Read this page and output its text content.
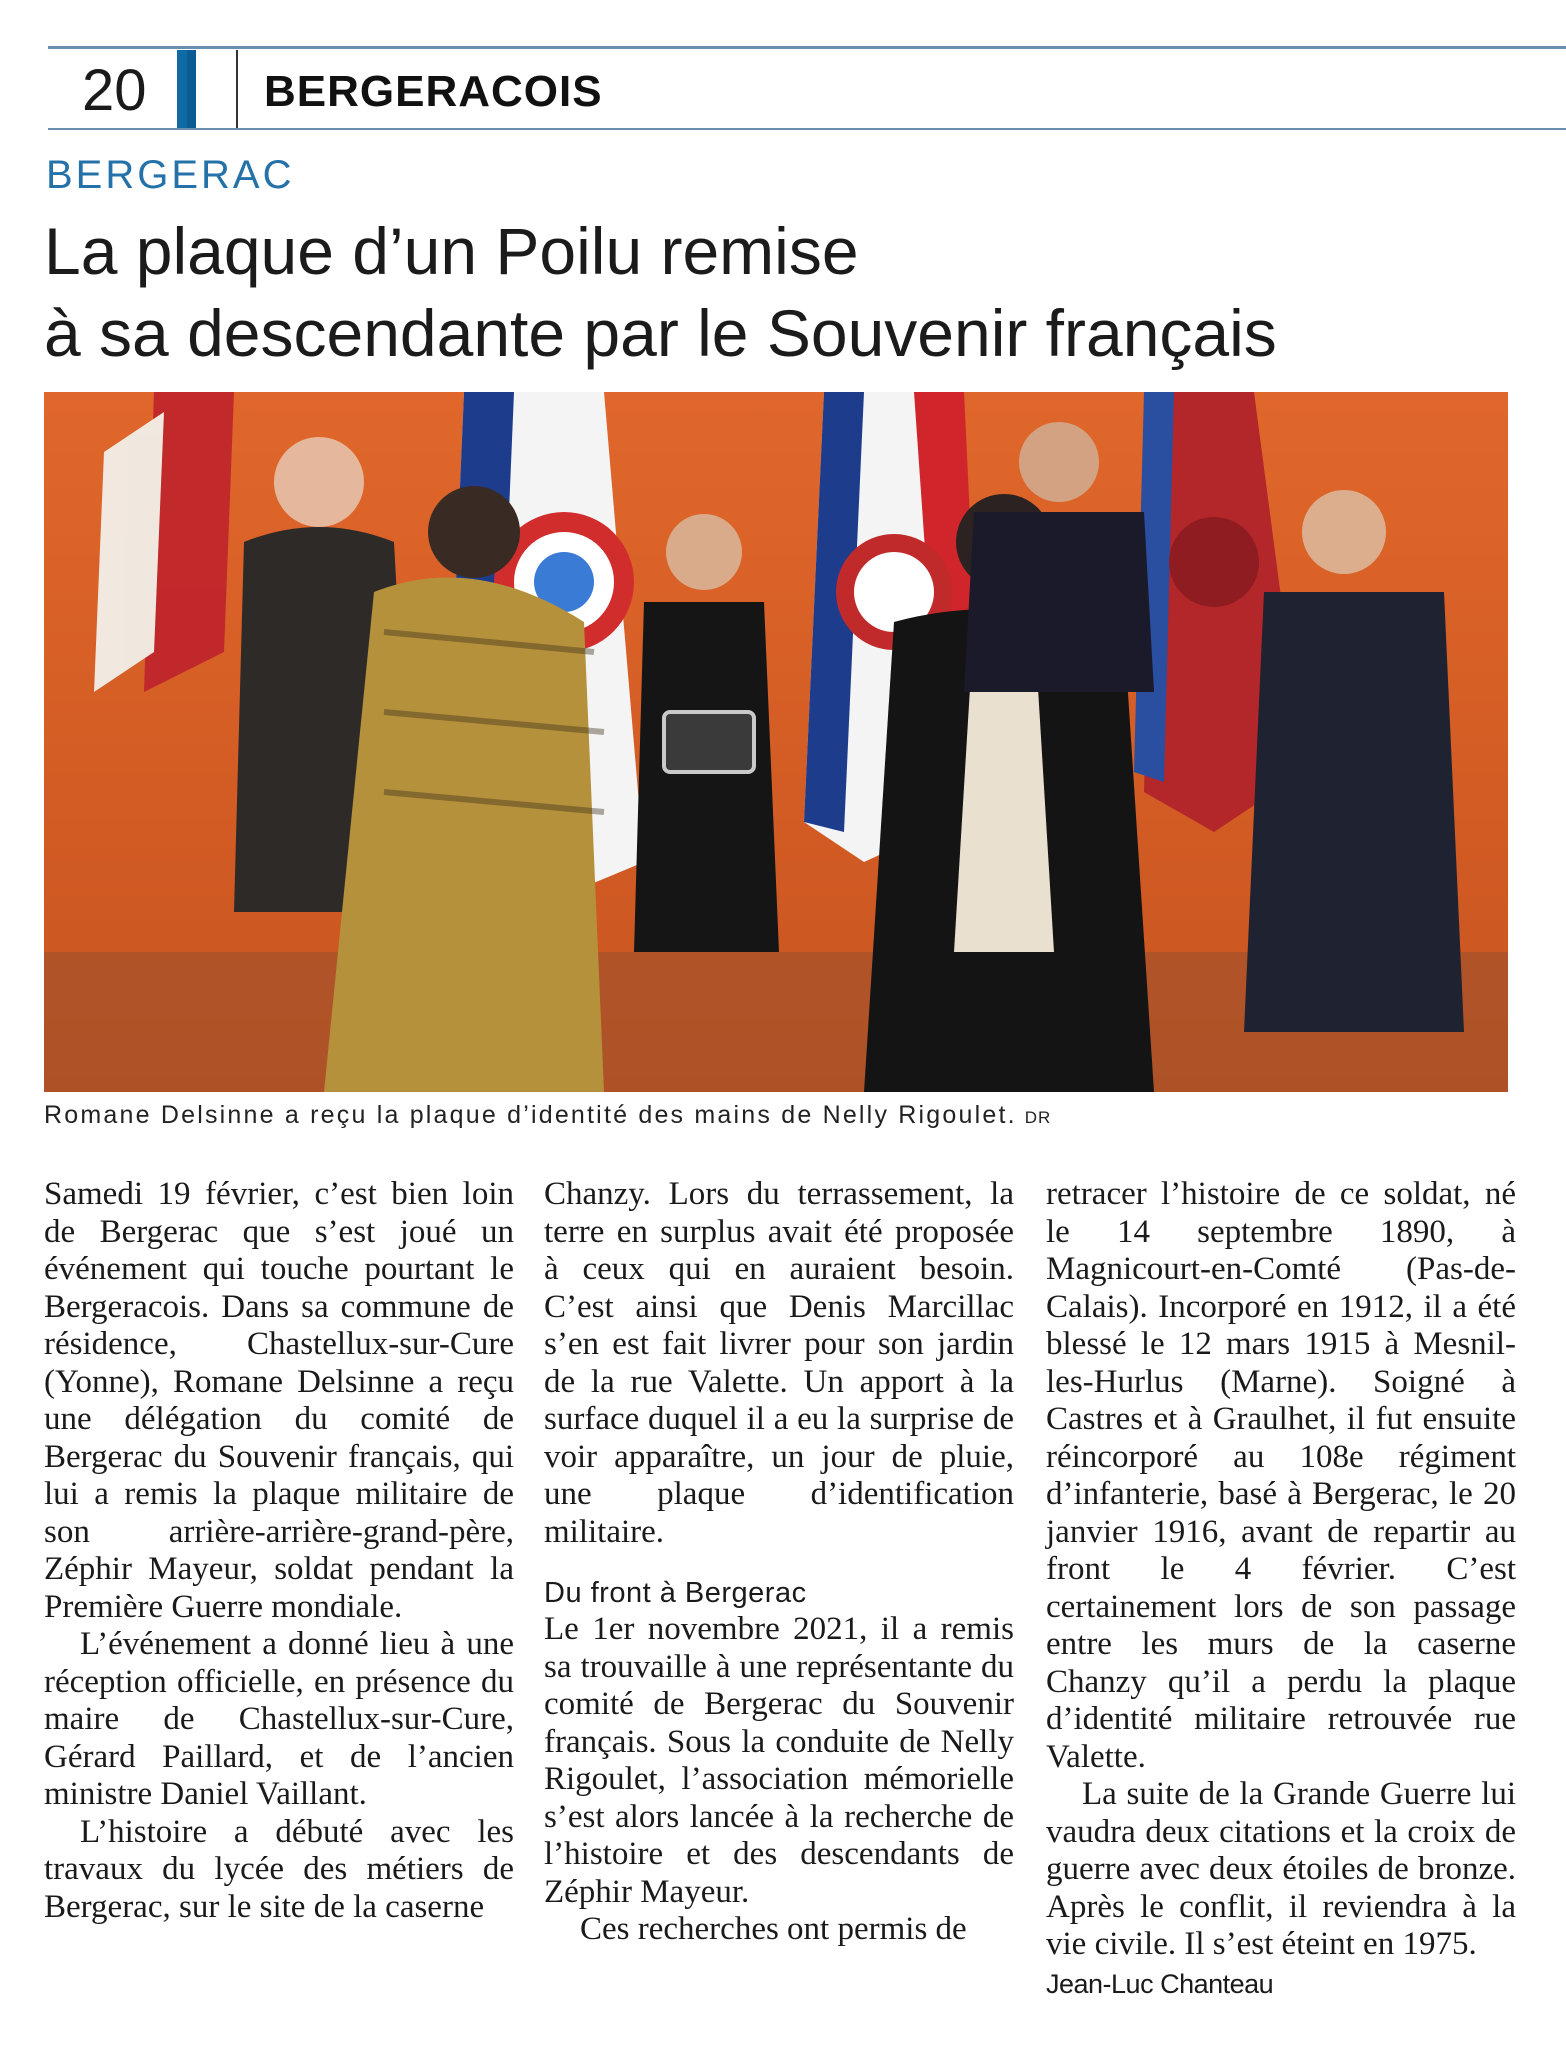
20	BERGERACOIS
BERGERAC
La plaque d’un Poilu remise
à sa descendante par le Souvenir français
Romane Delsinne a reçu la plaque d’identité des mains de Nelly Rigoulet. DR

Samedi 19 février, c’est bien loin de Bergerac que s’est joué un événement qui touche pourtant le Bergeracois. Dans sa commune de résidence, Chastellux-sur-Cure (Yonne), Romane Delsinne a reçu une délégation du comité de Bergerac du Souvenir français, qui lui a remis la plaque militaire de son arrière-arrière-grand-père, Zéphir Mayeur, soldat pendant la Première Guerre mondiale.

L’événement a donné lieu à une réception officielle, en présence du maire de Chastellux-sur-Cure, Gérard Paillard, et de l’ancien ministre Daniel Vaillant.

L’histoire a débuté avec les travaux du lycée des métiers de Bergerac, sur le site de la caserne

Chanzy. Lors du terrassement, la terre en surplus avait été proposée à ceux qui en auraient besoin. C’est ainsi que Denis Marcillac s’en est fait livrer pour son jardin de la rue Valette. Un apport à la surface duquel il a eu la surprise de voir apparaître, un jour de pluie, une plaque d’identification militaire.

Du front à Bergerac

Le 1er novembre 2021, il a remis sa trouvaille à une représentante du comité de Bergerac du Souvenir français. Sous la conduite de Nelly Rigoulet, l’association mémorielle s’est alors lancée à la recherche de l’histoire et des descendants de Zéphir Mayeur.

Ces recherches ont permis de

retracer l’histoire de ce soldat, né le 14 septembre 1890, à Magnicourt-en-Comté (Pas-de-Calais). Incorporé en 1912, il a été blessé le 12 mars 1915 à Mesnil-les-Hurlus (Marne). Soigné à Castres et à Graulhet, il fut ensuite réincorporé au 108e régiment d’infanterie, basé à Bergerac, le 20 janvier 1916, avant de repartir au front le 4 février. C’est certainement lors de son passage entre les murs de la caserne Chanzy qu’il a perdu la plaque d’identité militaire retrouvée rue Valette.

La suite de la Grande Guerre lui vaudra deux citations et la croix de guerre avec deux étoiles de bronze. Après le conflit, il reviendra à la vie civile. Il s’est éteint en 1975.

Jean-Luc Chanteau
